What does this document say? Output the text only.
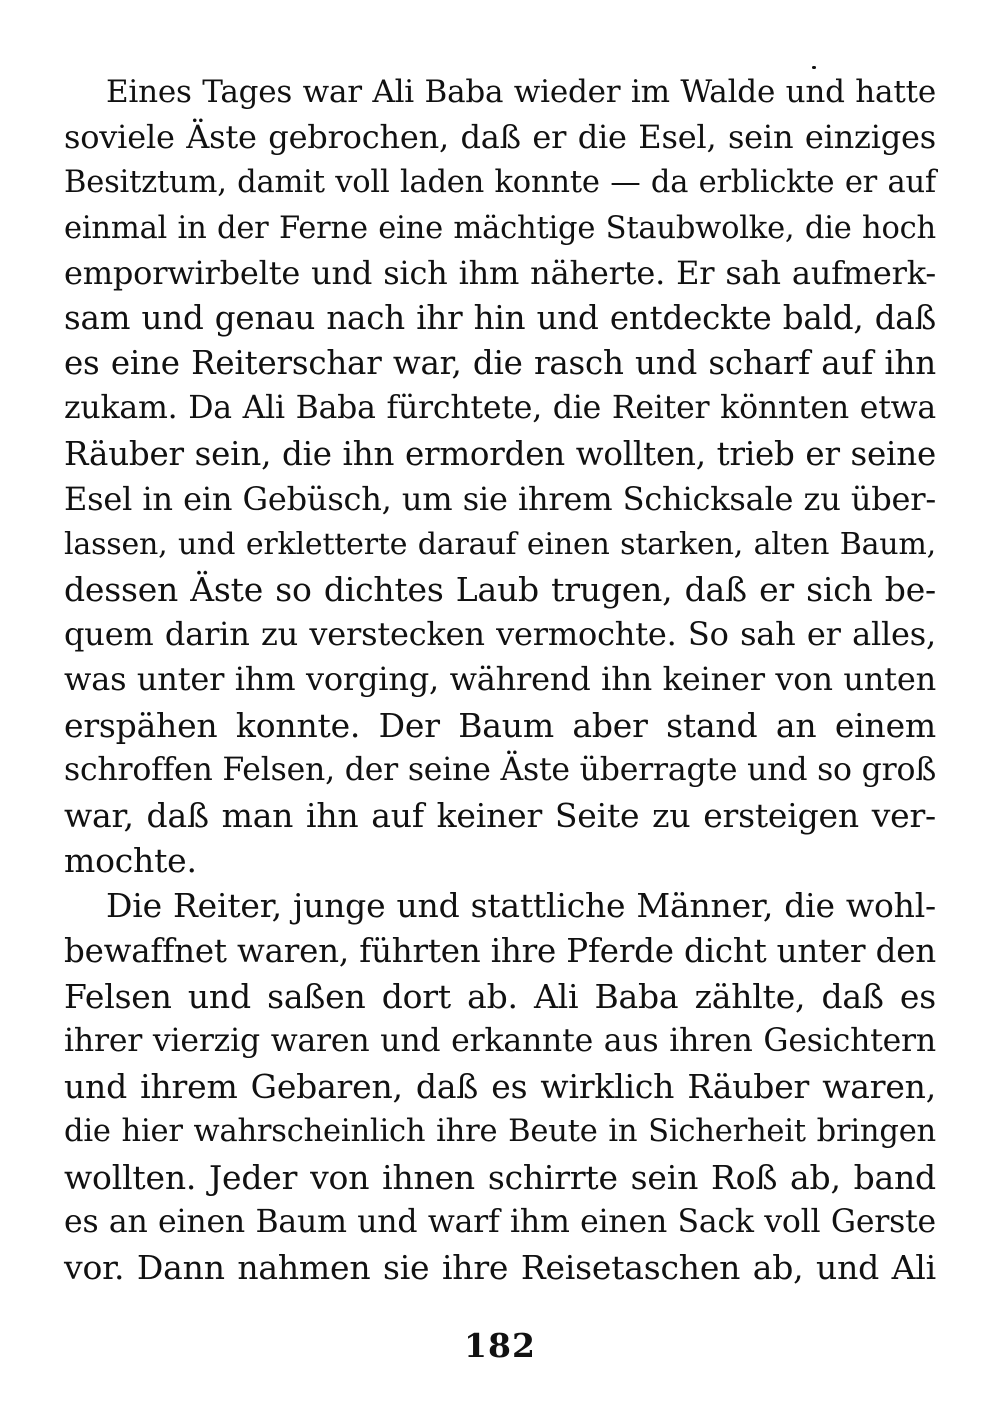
Eines Tages war Ali Baba wieder im Walde und hatte
soviele Äste gebrochen, daß er die Esel, sein einziges
Besitztum, damit voll laden konnte — da erblickte er auf
einmal in der Ferne eine mächtige Staubwolke, die hoch
emporwirbelte und sich ihm näherte. Er sah aufmerk-
sam und genau nach ihr hin und entdeckte bald, daß
es eine Reiterschar war, die rasch und scharf auf ihn
zukam. Da Ali Baba fürchtete, die Reiter könnten etwa
Räuber sein, die ihn ermorden wollten, trieb er seine
Esel in ein Gebüsch, um sie ihrem Schicksale zu über-
lassen, und erkletterte darauf einen starken, alten Baum,
dessen Äste so dichtes Laub trugen, daß er sich be-
quem darin zu verstecken vermochte. So sah er alles,
was unter ihm vorging, während ihn keiner von unten
erspähen konnte. Der Baum aber stand an einem
schroffen Felsen, der seine Äste überragte und so groß
war, daß man ihn auf keiner Seite zu ersteigen ver-
mochte.
Die Reiter, junge und stattliche Männer, die wohl-
bewaffnet waren, führten ihre Pferde dicht unter den
Felsen und saßen dort ab. Ali Baba zählte, daß es
ihrer vierzig waren und erkannte aus ihren Gesichtern
und ihrem Gebaren, daß es wirklich Räuber waren,
die hier wahrscheinlich ihre Beute in Sicherheit bringen
wollten. Jeder von ihnen schirrte sein Roß ab, band
es an einen Baum und warf ihm einen Sack voll Gerste
vor. Dann nahmen sie ihre Reisetaschen ab, und Ali
182
